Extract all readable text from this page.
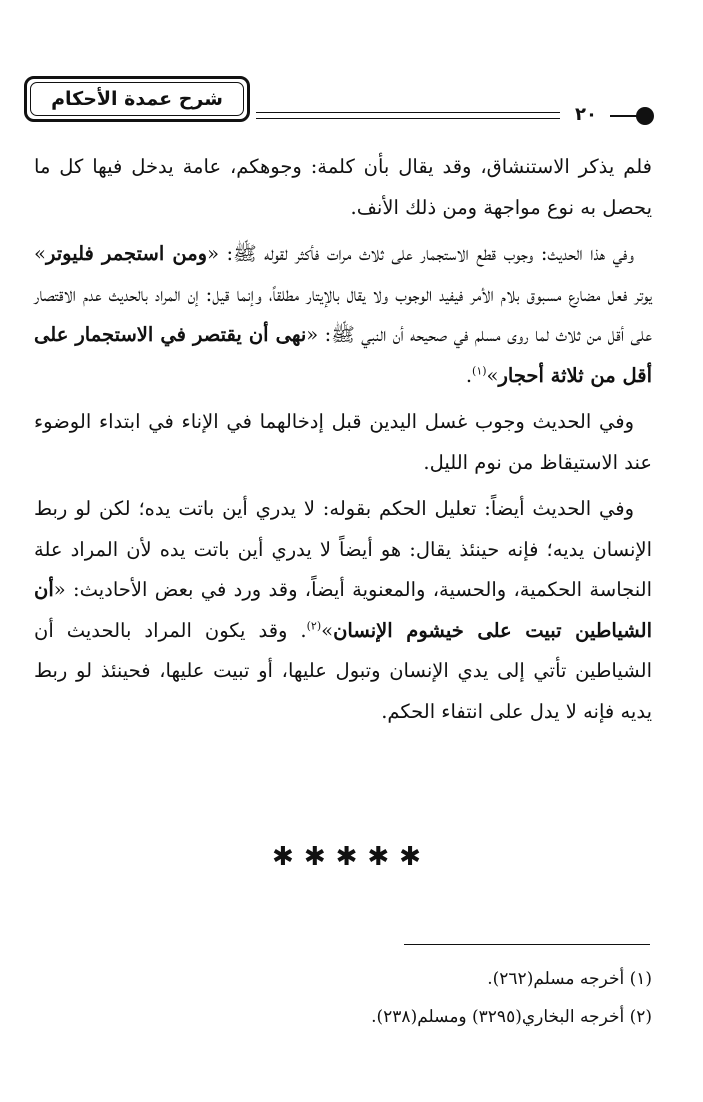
شرح عمدة الأحكام
٢٠

فلم يذكر الاستنشاق، وقد يقال بأن كلمة: وجوهكم، عامة يدخل فيها كل ما يحصل به نوع مواجهة ومن ذلك الأنف.

وفي هذا الحديث: وجوب قطع الاستجمار على ثلاث مرات فأكثر لقوله ﷺ: «ومن استجمر فليوتر» يوتر فعل مضارع مسبوق بلام الأمر فيفيد الوجوب ولا يقال بالإيتار مطلقاً، وإنما قيل: إن المراد بالحديث عدم الاقتصار على أقل من ثلاث لما روى مسلم في صحيحه أن النبي ﷺ: «نهى أن يقتصر في الاستجمار على أقل من ثلاثة أحجار»$^{(١)}$.

وفي الحديث وجوب غسل اليدين قبل إدخالهما في الإناء في ابتداء الوضوء عند الاستيقاظ من نوم الليل.

وفي الحديث أيضاً: تعليل الحكم بقوله: لا يدري أين باتت يده؛ لكن لو ربط الإنسان يديه؛ فإنه حينئذ يقال: هو أيضاً لا يدري أين باتت يده لأن المراد علة النجاسة الحكمية، والحسية، والمعنوية أيضاً، وقد ورد في بعض الأحاديث: «أن الشياطين تبيت على خيشوم الإنسان»$^{(٢)}$. وقد يكون المراد بالحديث أن الشياطين تأتي إلى يدي الإنسان وتبول عليها، أو تبيت عليها، فحينئذ لو ربط يديه فإنه لا يدل على انتفاء الحكم.

✱✱✱✱✱
(١) أخرجه مسلم(٢٦٢).
(٢) أخرجه البخاري(٣٢٩٥) ومسلم(٢٣٨).
